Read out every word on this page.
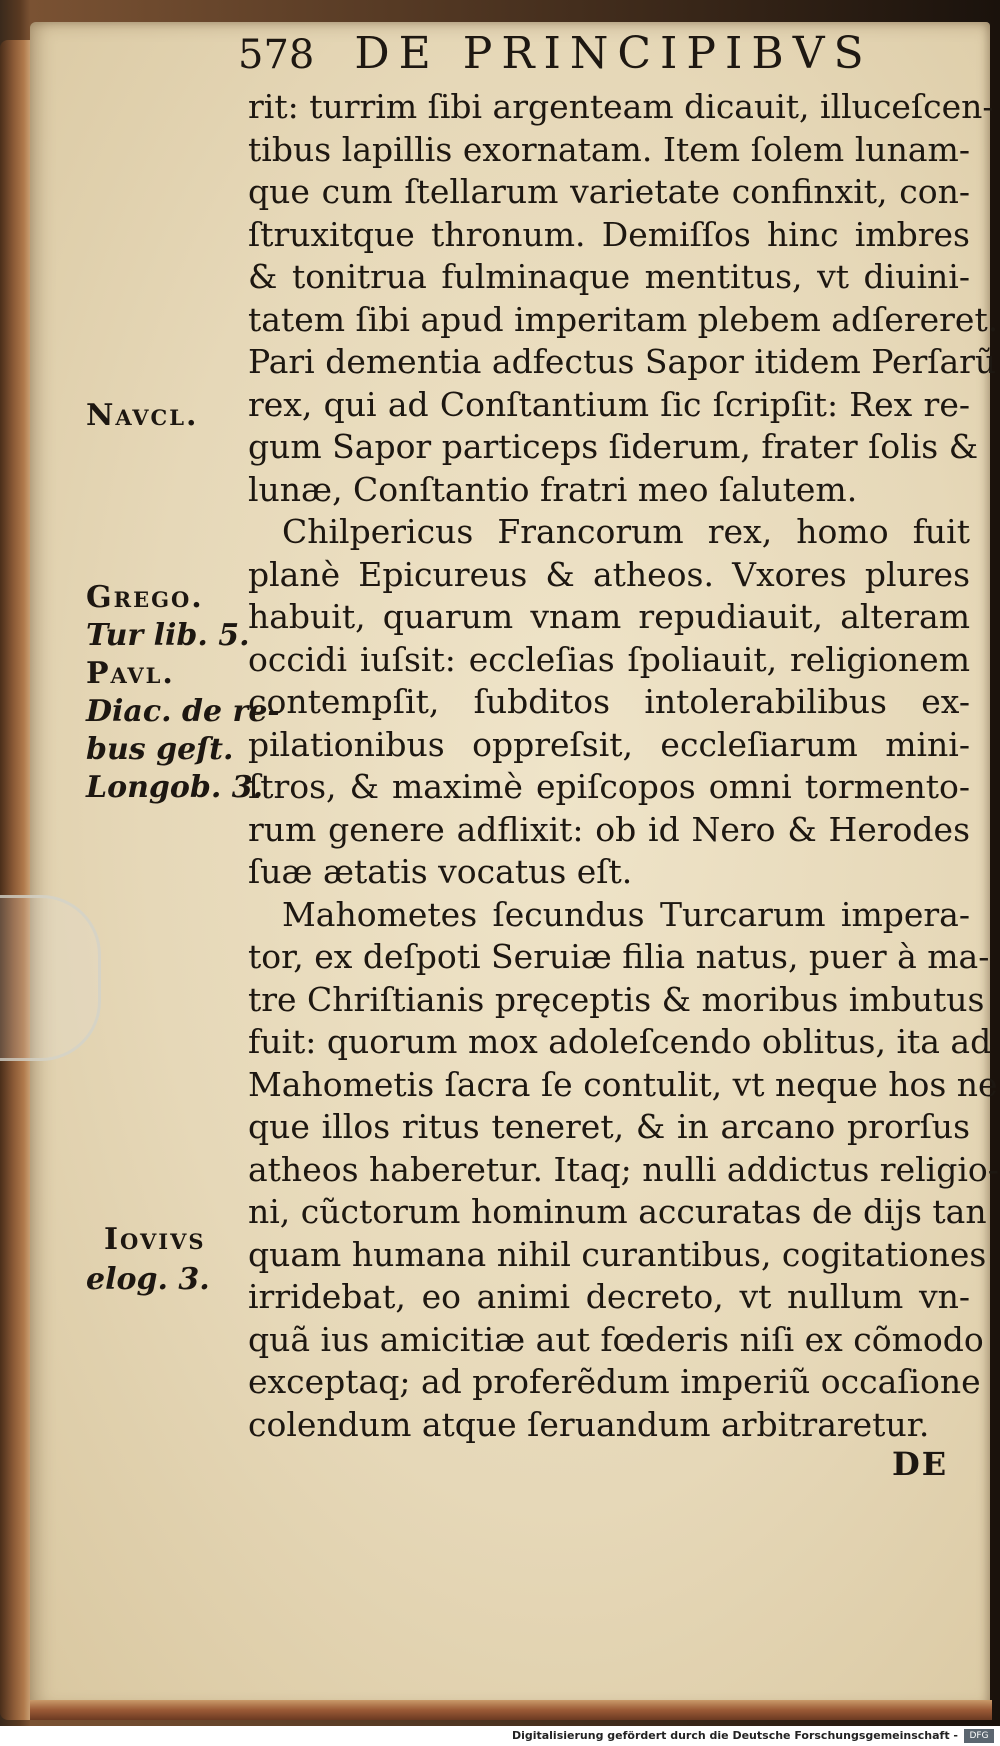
578 DE PRINCIPIBVS
rit: turrim ſibi argenteam dicauit, illuceſcen-
tibus lapillis exornatam. Item ſolem lunam-
que cum ſtellarum varietate confinxit, con-
ſtruxitque thronum. Demiſſos hinc imbres
& tonitrua fulminaque mentitus, vt diuini-
tatem ſibi apud imperitam plebem adſereret.
Pari dementia adfectus Sapor itidem Perſarũ
rex, qui ad Conſtantium ſic ſcripſit: Rex re-
gum Sapor particeps ſiderum, frater ſolis &
lunæ, Conſtantio fratri meo ſalutem.
Chilpericus Francorum rex, homo fuit
planè Epicureus & atheos. Vxores plures
habuit, quarum vnam repudiauit, alteram
occidi iuſsit: eccleſias ſpoliauit, religionem
contempſit, ſubditos intolerabilibus ex-
pilationibus oppreſsit, eccleſiarum mini-
ſtros, & maximè epiſcopos omni tormento-
rum genere adflixit: ob id Nero & Herodes
ſuæ ætatis vocatus eſt.
Mahometes ſecundus Turcarum impera-
tor, ex deſpoti Seruiæ filia natus, puer à ma-
tre Chriſtianis pręceptis & moribus imbutus
fuit: quorum mox adoleſcendo oblitus, ita ad
Mahometis ſacra ſe contulit, vt neque hos ne
que illos ritus teneret, & in arcano prorſus
atheos haberetur. Itaq; nulli addictus religio-
ni, cũctorum hominum accuratas de dijs tan
quam humana nihil curantibus, cogitationes
irridebat, eo animi decreto, vt nullum vn-
quã ius amicitiæ aut fœderis niſi ex cõmodo
exceptaq; ad proferẽdum imperiũ occaſione
colendum atque ſeruandum arbitraretur.
Navcl.
Grego.
Tur lib. 5.
Pavl.
Diac. de re-
bus geſt.
Longob. 3.
Iovivs
elog. 3.
DE
Digitalisierung gefördert durch die Deutsche Forschungsgemeinschaft -	DFG
